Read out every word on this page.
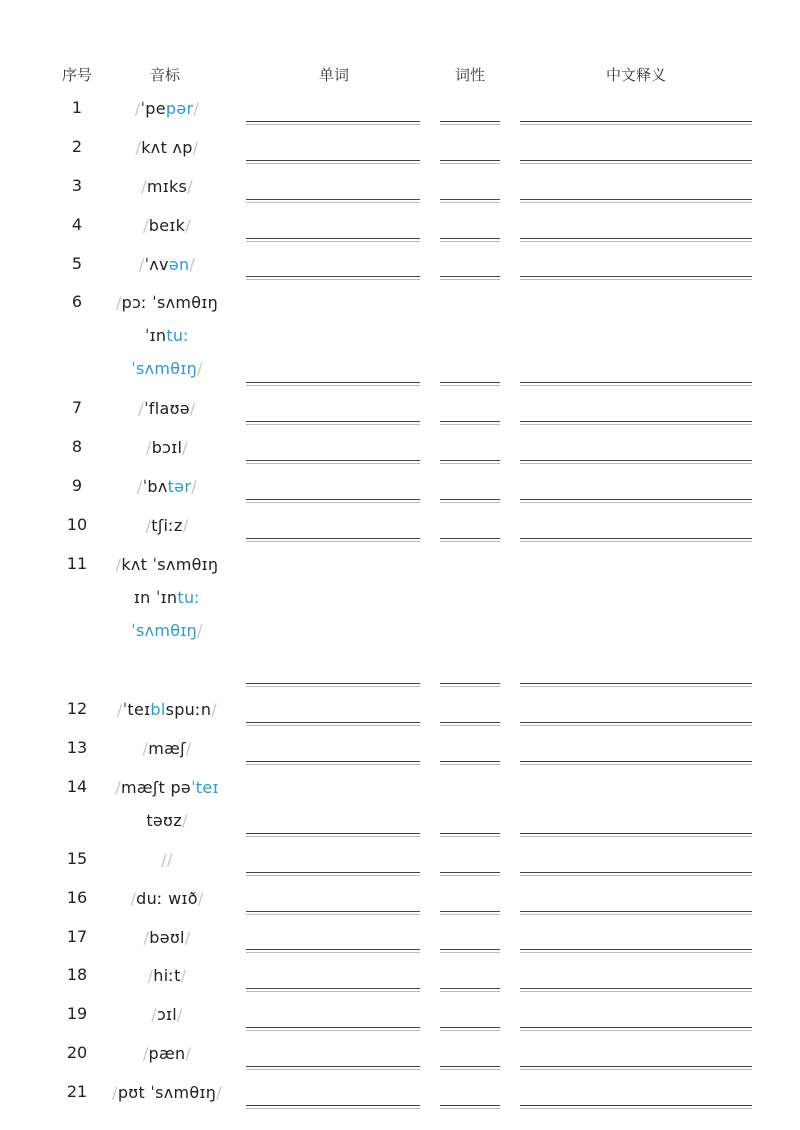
序号	音标	单词	词性	中文释义
1	/ˈpepər/
2	/kʌt ʌp/
3	/mɪks/
4	/beɪk/
5	/ˈʌvən/
6	/pɔː ˈsʌmθɪŋ ˈɪntuː ˈsʌmθɪŋ/
7	/ˈflaʊə/
8	/bɔɪl/
9	/ˈbʌtər/
10	/tʃiːz/
11	/kʌt ˈsʌmθɪŋ ɪn ˈɪntuː ˈsʌmθɪŋ/
12	/ˈteɪblspuːn/
13	/mæʃ/
14	/mæʃt pəˈteɪ təʊz/
15	//
16	/duː wɪð/
17	/bəʊl/
18	/hiːt/
19	/ɔɪl/
20	/pæn/
21	/pʊt ˈsʌmθɪŋ/
